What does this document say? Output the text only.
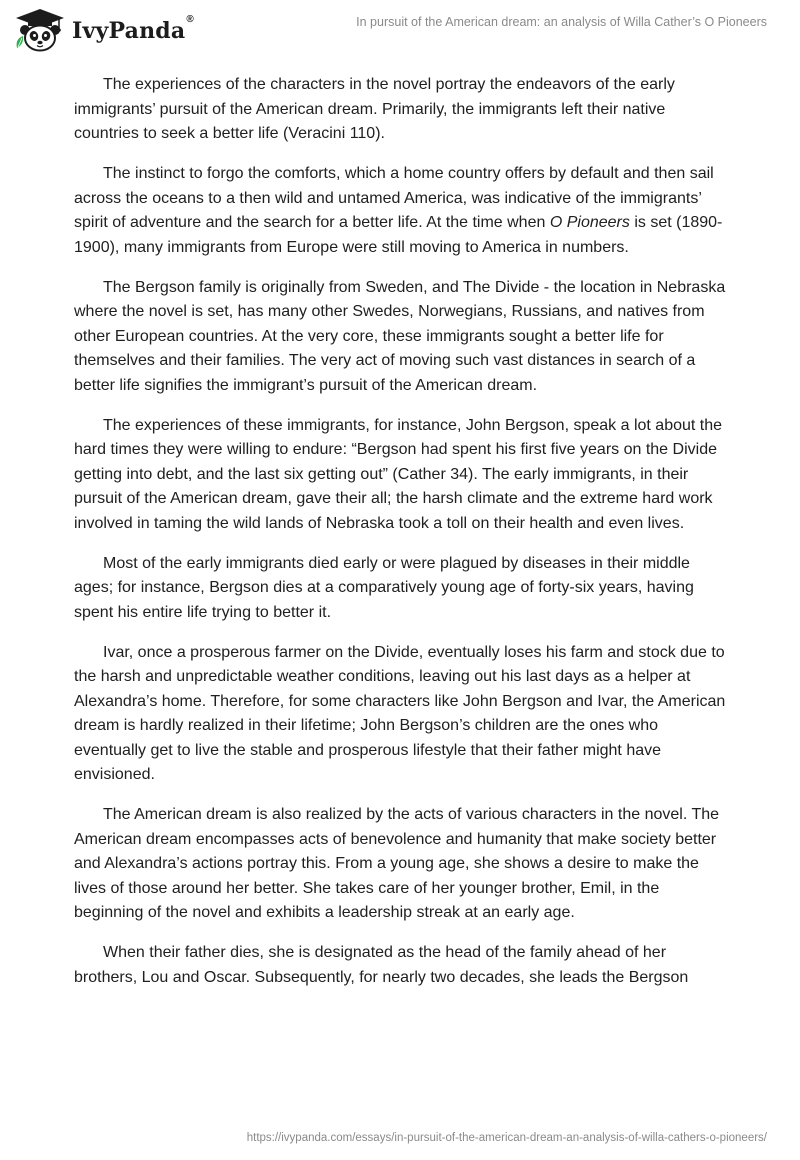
IvyPanda®	In pursuit of the American dream: an analysis of Willa Cather’s O Pioneers

The experiences of the characters in the novel portray the endeavors of the early immigrants’ pursuit of the American dream. Primarily, the immigrants left their native countries to seek a better life (Veracini 110).

The instinct to forgo the comforts, which a home country offers by default and then sail across the oceans to a then wild and untamed America, was indicative of the immigrants’ spirit of adventure and the search for a better life. At the time when O Pioneers is set (1890-1900), many immigrants from Europe were still moving to America in numbers.

The Bergson family is originally from Sweden, and The Divide - the location in Nebraska where the novel is set, has many other Swedes, Norwegians, Russians, and natives from other European countries. At the very core, these immigrants sought a better life for themselves and their families. The very act of moving such vast distances in search of a better life signifies the immigrant’s pursuit of the American dream.

The experiences of these immigrants, for instance, John Bergson, speak a lot about the hard times they were willing to endure: “Bergson had spent his first five years on the Divide getting into debt, and the last six getting out” (Cather 34). The early immigrants, in their pursuit of the American dream, gave their all; the harsh climate and the extreme hard work involved in taming the wild lands of Nebraska took a toll on their health and even lives.

Most of the early immigrants died early or were plagued by diseases in their middle ages; for instance, Bergson dies at a comparatively young age of forty-six years, having spent his entire life trying to better it.

Ivar, once a prosperous farmer on the Divide, eventually loses his farm and stock due to the harsh and unpredictable weather conditions, leaving out his last days as a helper at Alexandra’s home. Therefore, for some characters like John Bergson and Ivar, the American dream is hardly realized in their lifetime; John Bergson’s children are the ones who eventually get to live the stable and prosperous lifestyle that their father might have envisioned.

The American dream is also realized by the acts of various characters in the novel. The American dream encompasses acts of benevolence and humanity that make society better and Alexandra’s actions portray this. From a young age, she shows a desire to make the lives of those around her better. She takes care of her younger brother, Emil, in the beginning of the novel and exhibits a leadership streak at an early age.

When their father dies, she is designated as the head of the family ahead of her brothers, Lou and Oscar. Subsequently, for nearly two decades, she leads the Bergson

https://ivypanda.com/essays/in-pursuit-of-the-american-dream-an-analysis-of-willa-cathers-o-pioneers/
